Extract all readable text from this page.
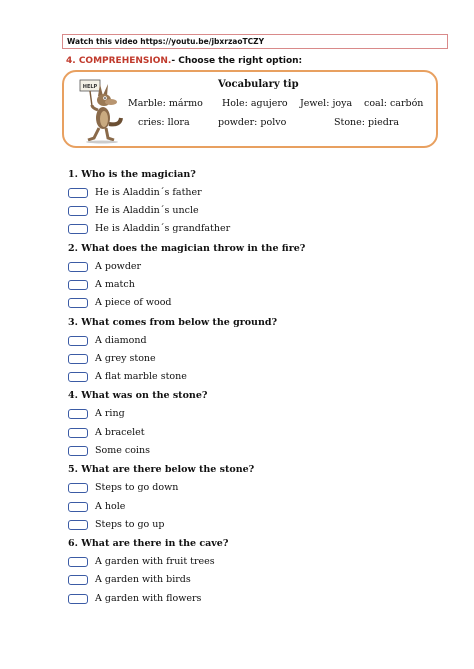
Watch this video https://youtu.be/jbxrzaoTCZY
4. COMPREHENSION.- Choose the right option:
HELP	Vocabulary tip
Marble: mármo Hole: agujero Jewel: joya coal: carbón
cries: llora	powder: polvo	Stone: piedra
1. Who is the magician?
He is Aladdin´s father
He is Aladdin´s uncle
He is Aladdin´s grandfather
2. What does the magician throw in the fire?
A powder
A match
A piece of wood
3. What comes from below the ground?
A diamond
A grey stone
A flat marble stone
4. What was on the stone?
A ring
A bracelet
Some coins
5. What are there below the stone?
Steps to go down
A hole
Steps to go up
6. What are there in the cave?
A garden with fruit trees
A garden with birds
A garden with flowers
